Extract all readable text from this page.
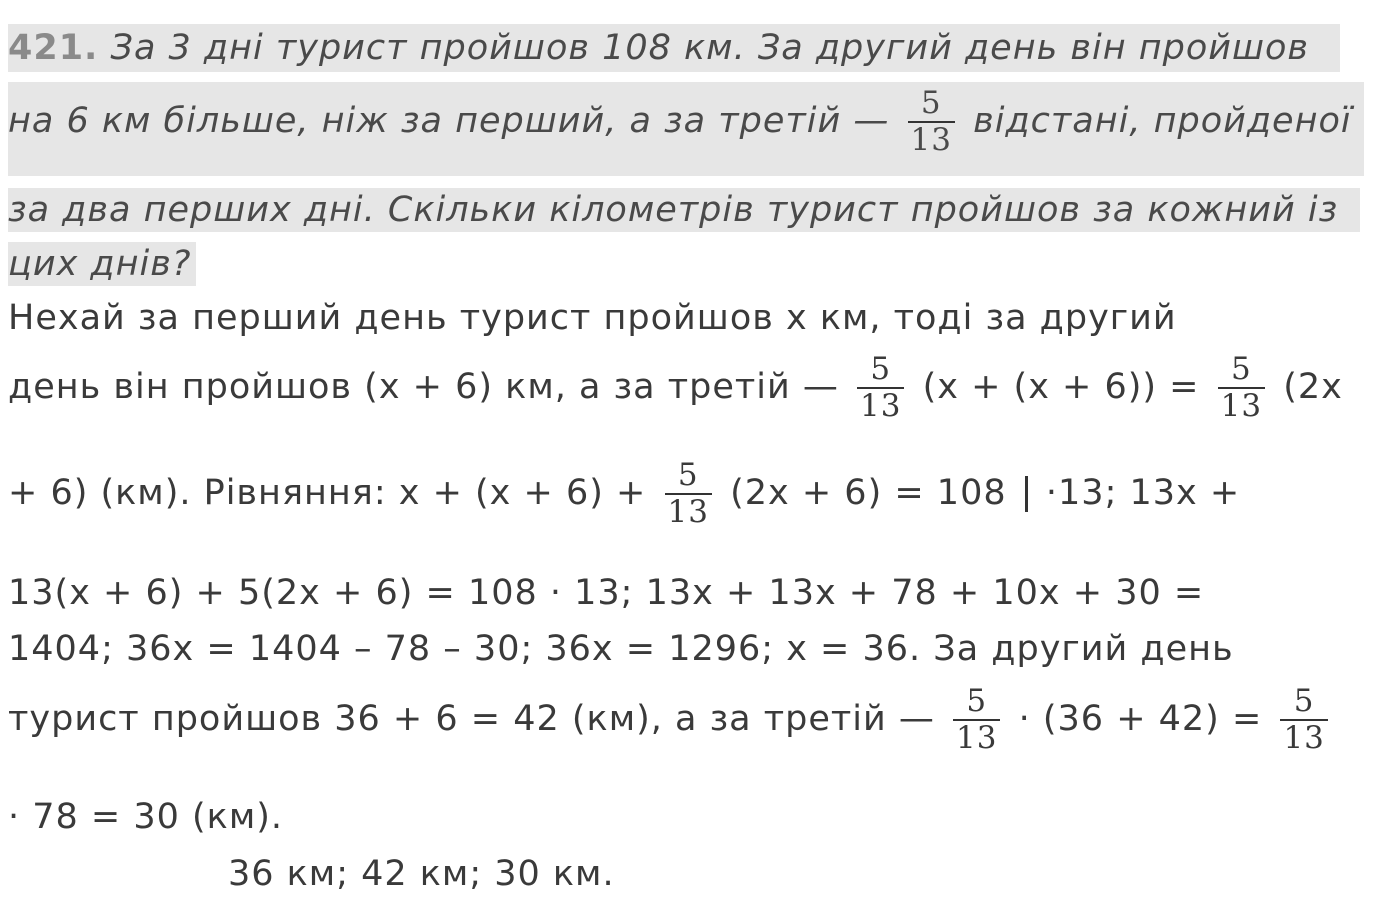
421. За 3 дні турист пройшов 108 км. За другий день він пройшов
на 6 км більше, ніж за перший, а за третій — $\frac{5}{13}$ відстані, пройденої
за два перших дні. Скільки кілометрів турист пройшов за кожний із
цих днів?
Нехай за перший день турист пройшов x км, тоді за другий
день він пройшов (x + 6) км, а за третій — $\frac{5}{13} (x + (x + 6)) = \frac{5}{13} (2x$
+ 6) (км). Рівняння: $x + (x + 6) + \frac{5}{13} (2x + 6) = 108 \cdot 13$; 13x +
13(x + 6) + 5(2x + 6) = 108 · 13; 13x + 13x + 78 + 10x + 30 =
1404; 36x = 1404 – 78 – 30; 36x = 1296; x = 36. За другий день
турист пройшов 36 + 6 = 42 (км), а за третій — $\frac{5}{13} \cdot (36 + 42) = \frac{5}{13}$
· 78 = 30 (км).
36 км; 42 км; 30 км.
